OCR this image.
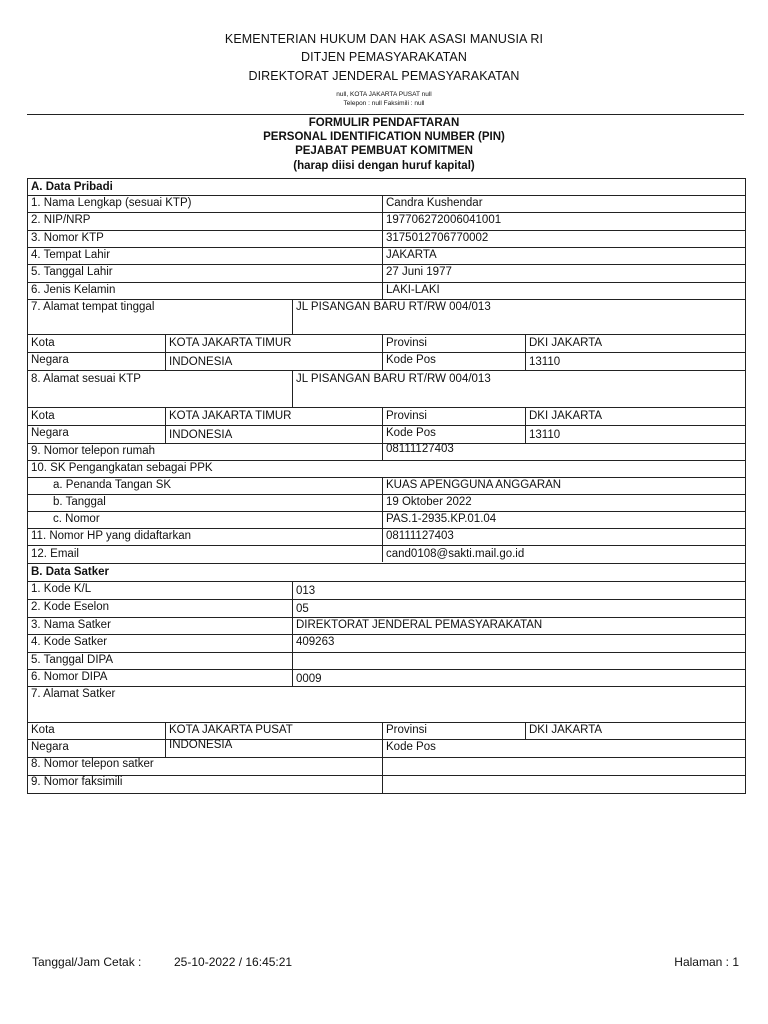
KEMENTERIAN HUKUM DAN HAK ASASI MANUSIA RI
DITJEN PEMASYARAKATAN
DIREKTORAT JENDERAL PEMASYARAKATAN
null, KOTA JAKARTA PUSAT null
Telepon : null Faksimili : null
FORMULIR PENDAFTARAN
PERSONAL IDENTIFICATION NUMBER (PIN)
PEJABAT PEMBUAT KOMITMEN
(harap diisi dengan huruf kapital)
A. Data Pribadi
1. Nama Lengkap (sesuai KTP)	Candra Kushendar
2. NIP/NRP	197706272006041001
3. Nomor KTP	3175012706770002
4. Tempat Lahir	JAKARTA
5. Tanggal Lahir	27 Juni 1977
6. Jenis Kelamin	LAKI-LAKI
7. Alamat tempat tinggal	JL PISANGAN BARU RT/RW 004/013
Kota	KOTA JAKARTA TIMUR	Provinsi	DKI JAKARTA
Negara	INDONESIA	Kode Pos	13110
8. Alamat sesuai KTP	JL PISANGAN BARU RT/RW 004/013
Kota	KOTA JAKARTA TIMUR	Provinsi	DKI JAKARTA
Negara	INDONESIA	Kode Pos	13110
9. Nomor telepon rumah	08111127403
10. SK Pengangkatan sebagai PPK
a. Penanda Tangan SK	KUAS APENGGUNA ANGGARAN
b. Tanggal	19 Oktober 2022
c. Nomor	PAS.1-2935.KP.01.04
11. Nomor HP yang didaftarkan	08111127403
12. Email	cand0108@sakti.mail.go.id
B. Data Satker
1. Kode K/L	013
2. Kode Eselon	05
3. Nama Satker	DIREKTORAT JENDERAL PEMASYARAKATAN
4. Kode Satker	409263
5. Tanggal DIPA
6. Nomor DIPA	0009
7. Alamat Satker
Kota	KOTA JAKARTA PUSAT	Provinsi	DKI JAKARTA
Negara	INDONESIA	Kode Pos
8. Nomor telepon satker
9. Nomor faksimili
Tanggal/Jam Cetak :	25-10-2022 / 16:45:21	Halaman : 1
